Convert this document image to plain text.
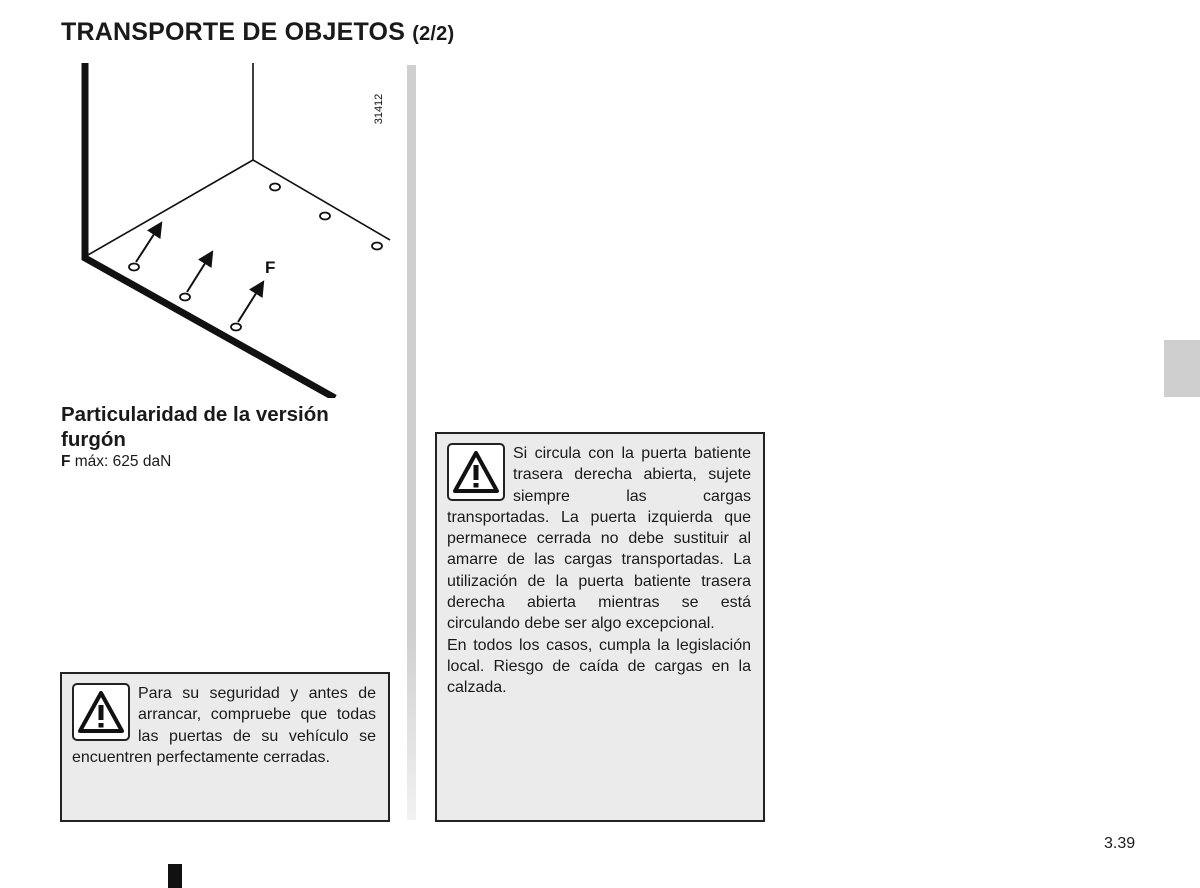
TRANSPORTE DE OBJETOS (2/2)
F
31412

Particularidad de la versión furgón

F máx: 625 daN
Para su seguridad y antes de arrancar, compruebe que todas las puertas de su vehículo se encuentren perfectamente cerradas.
Si circula con la puerta batiente trasera derecha abierta, sujete siempre las cargas transportadas. La puerta izquierda que permanece cerrada no debe sustituir al amarre de las cargas transportadas. La utilización de la puerta batiente trasera derecha abierta mientras se está circulando debe ser algo excepcional.
En todos los casos, cumpla la legislación local. Riesgo de caída de cargas en la calzada.
3.39
